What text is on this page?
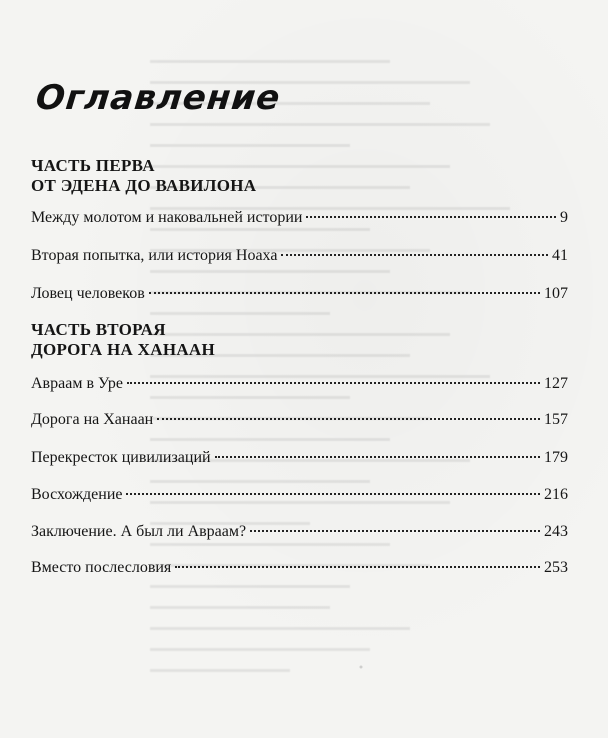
Оглавление
ЧАСТЬ ПЕРВА
ОТ ЭДЕНА ДО ВАВИЛОНА
Между молотом и наковальней истории	9
Вторая попытка, или история Ноаха	41
Ловец человеков	107
ЧАСТЬ ВТОРАЯ
ДОРОГА НА ХАНААН
Авраам в Уре	127
Дорога на Ханаан	157
Перекресток цивилизаций	179
Восхождение	216
Заключение. А был ли Авраам?	243
Вместо послесловия	253
